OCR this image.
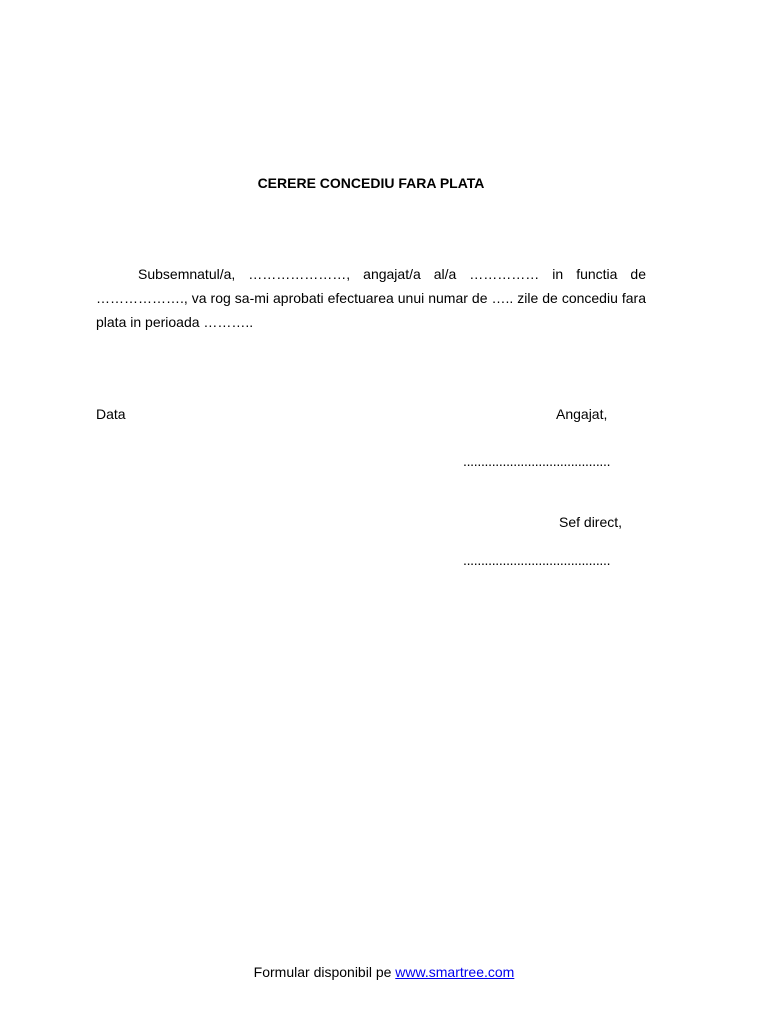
CERERE CONCEDIU FARA PLATA

Subsemnatul/a, …………………, angajat/a al/a …………… in functia de ………………., va rog sa-mi aprobati efectuarea unui numar de ….. zile de concediu fara plata in perioada ………..

Data	Angajat,
.........................................
Sef direct,
.........................................
Formular disponibil pe www.smartree.com
